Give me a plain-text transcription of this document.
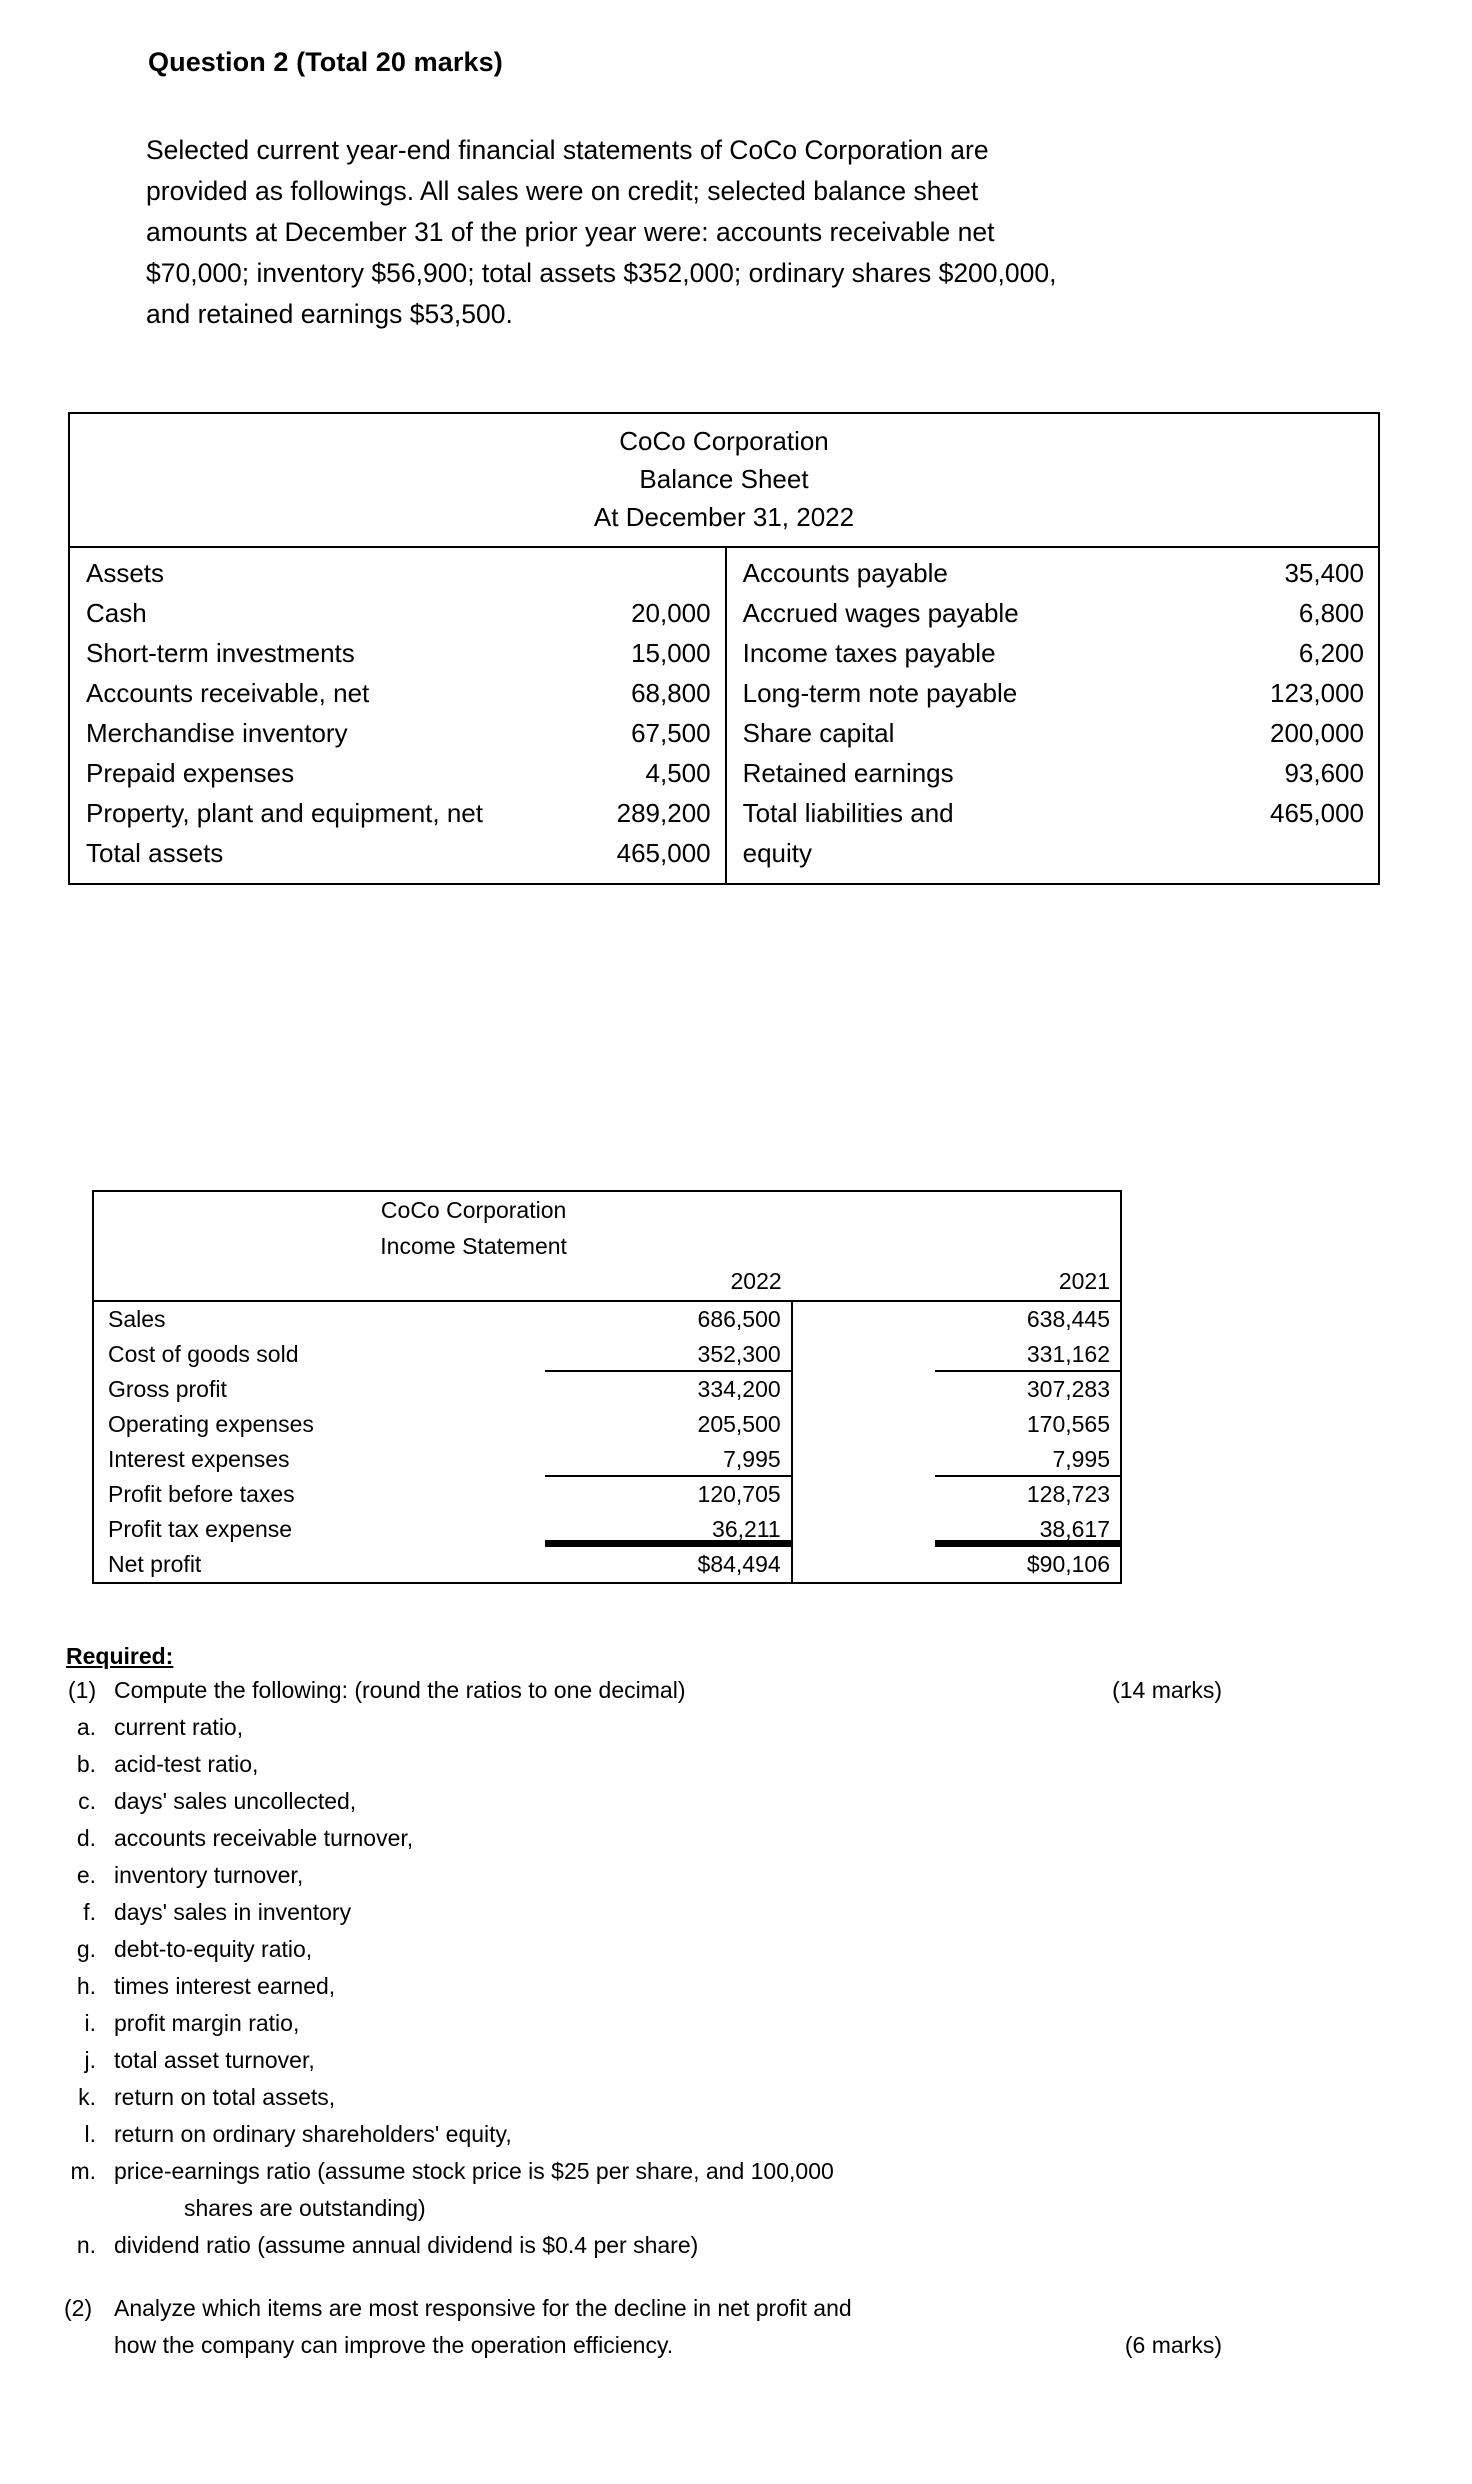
Question 2 (Total 20 marks)
Selected current year-end financial statements of CoCo Corporation are
provided as followings. All sales were on credit; selected balance sheet
amounts at December 31 of the prior year were: accounts receivable net
$70,000; inventory $56,900; total assets $352,000; ordinary shares $200,000,
and retained earnings $53,500.
CoCo Corporation
Balance Sheet
At December 31, 2022
Assets
Cash	20,000
Short-term investments	15,000
Accounts receivable, net	68,800
Merchandise inventory	67,500
Prepaid expenses	4,500
Property, plant and equipment, net	289,200
Total assets	465,000
Accounts payable	35,400
Accrued wages payable	6,800
Income taxes payable	6,200
Long-term note payable	123,000
Share capital	200,000
Retained earnings	93,600
Total liabilities and	465,000
equity
CoCo Corporation
Income Statement
	2022		2021
Sales	686,500		638,445
Cost of goods sold	352,300		331,162
Gross profit	334,200		307,283
Operating expenses	205,500		170,565
Interest expenses	7,995		7,995
Profit before taxes	120,705		128,723
Profit tax expense	36,211		38,617
Net profit	$84,494		$90,106
Required:
(1) Compute the following: (round the ratios to one decimal)	(14 marks)
a. current ratio,
b. acid-test ratio,
c. days' sales uncollected,
d. accounts receivable turnover,
e. inventory turnover,
f. days' sales in inventory
g. debt-to-equity ratio,
h. times interest earned,
i. profit margin ratio,
j. total asset turnover,
k. return on total assets,
l. return on ordinary shareholders' equity,
m. price-earnings ratio (assume stock price is $25 per share, and 100,000
shares are outstanding)
n. dividend ratio (assume annual dividend is $0.4 per share)
(2) Analyze which items are most responsive for the decline in net profit and
how the company can improve the operation efficiency.	(6 marks)
